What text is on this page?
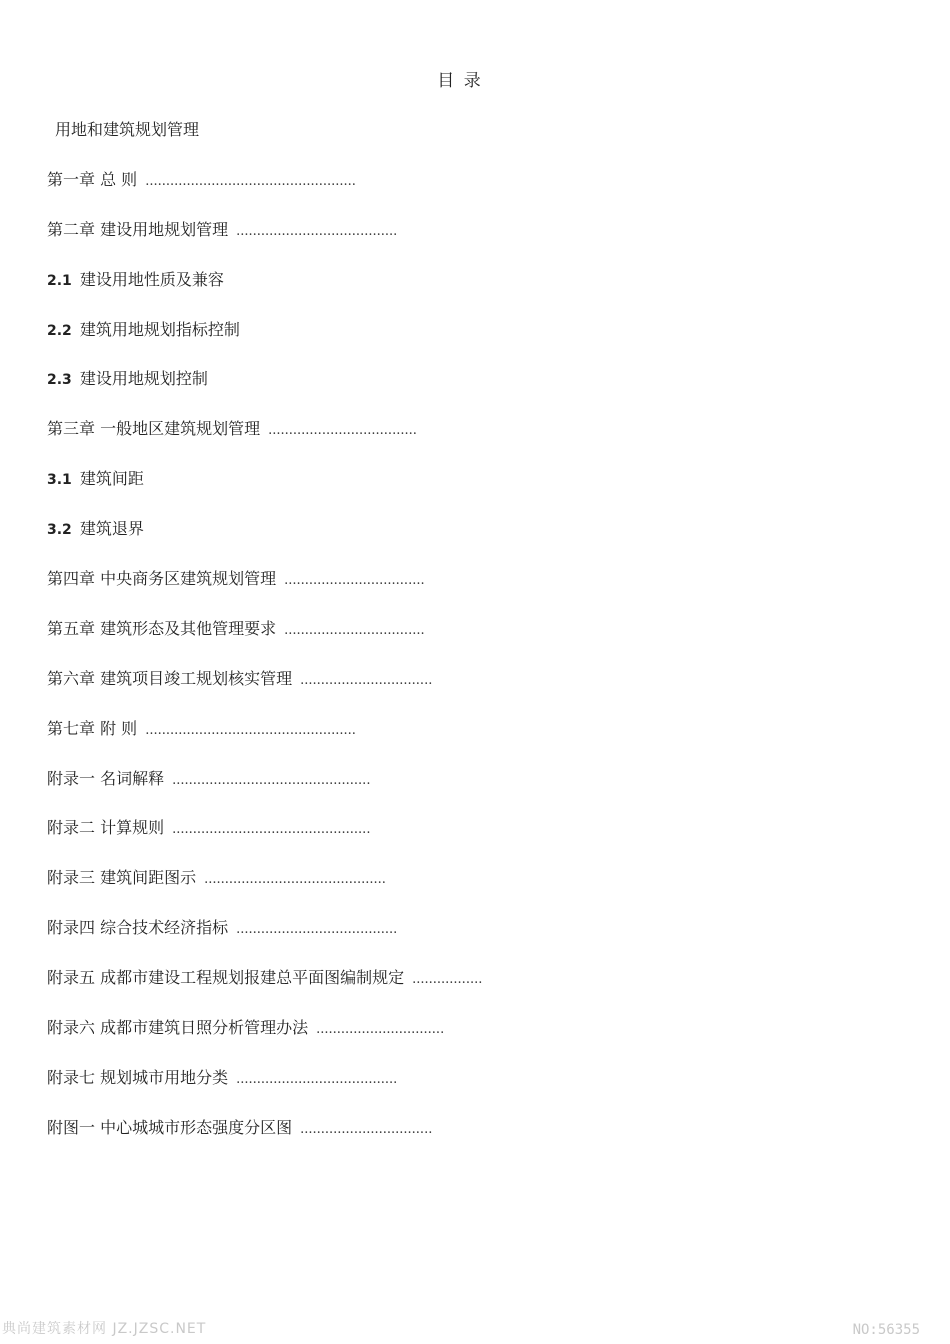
目 录
用地和建筑规划管理
第一章 总 则 ...................................................
第二章 建设用地规划管理 .......................................
2.1 建设用地性质及兼容
2.2 建筑用地规划指标控制
2.3 建设用地规划控制
第三章 一般地区建筑规划管理 ....................................
3.1 建筑间距
3.2 建筑退界
第四章 中央商务区建筑规划管理 ..................................
第五章 建筑形态及其他管理要求 ..................................
第六章 建筑项目竣工规划核实管理 ................................
第七章 附 则 ...................................................
附录一 名词解释 ................................................
附录二 计算规则 ................................................
附录三 建筑间距图示 ............................................
附录四 综合技术经济指标 .......................................
附录五 成都市建设工程规划报建总平面图编制规定 .................
附录六 成都市建筑日照分析管理办法 ...............................
附录七 规划城市用地分类 .......................................
附图一 中心城城市形态强度分区图 ................................
典尚建筑素材网 JZ.JZSC.NET	NO:56355
